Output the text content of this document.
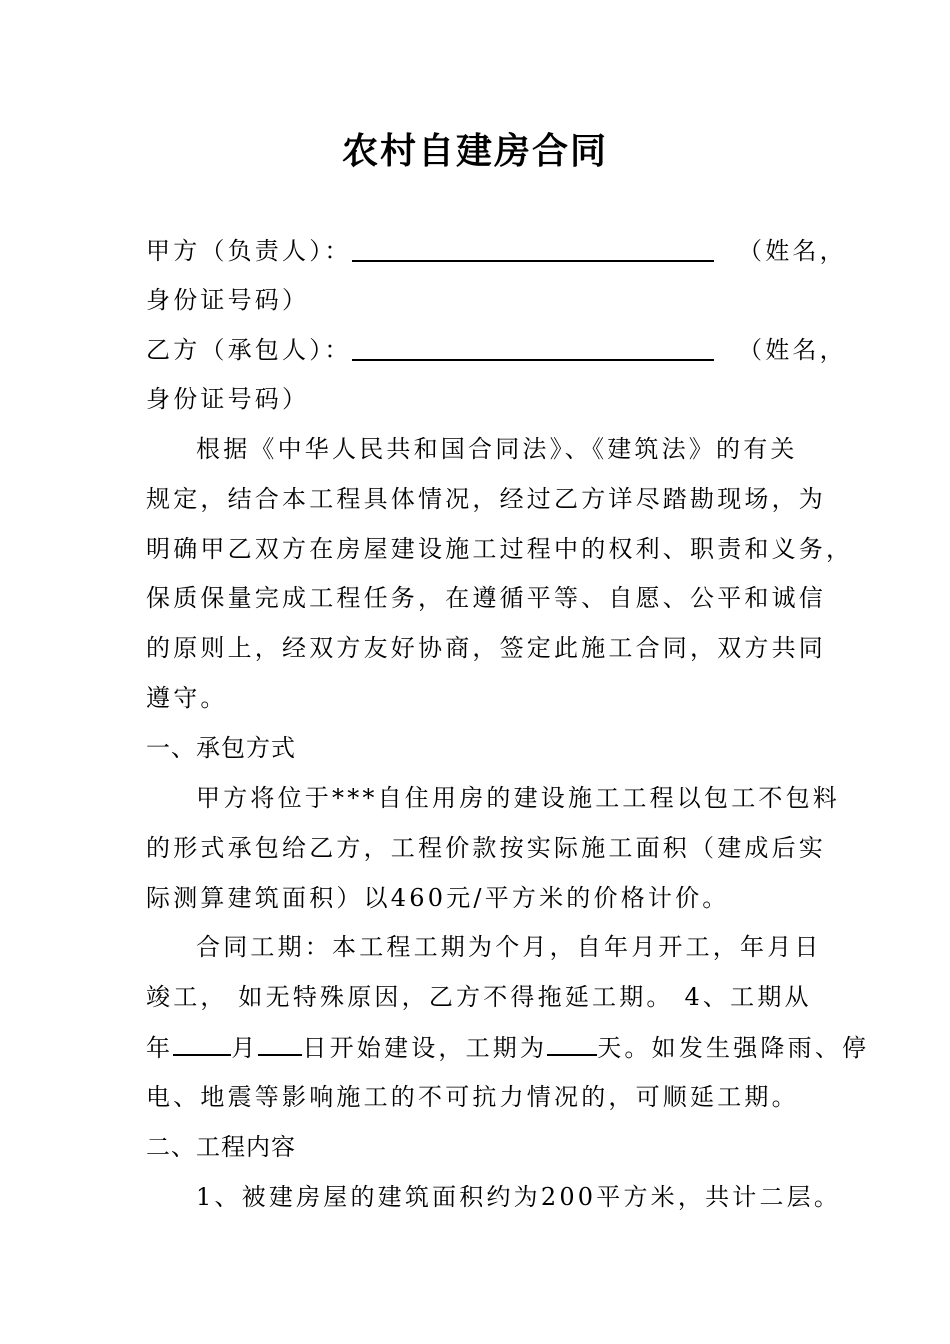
农村自建房合同
甲方（负责人）：	（姓名，
身份证号码）
乙方（承包人）：	（姓名，
身份证号码）
根据《中华人民共和国合同法》、《建筑法》的有关
规定，结合本工程具体情况，经过乙方详尽踏勘现场，为
明确甲乙双方在房屋建设施工过程中的权利、职责和义务，
保质保量完成工程任务，在遵循平等、自愿、公平和诚信
的原则上，经双方友好协商，签定此施工合同，双方共同
遵守。
一、承包方式
甲方将位于***自住用房的建设施工工程以包工不包料
的形式承包给乙方，工程价款按实际施工面积（建成后实
际测算建筑面积）以460元/平方米的价格计价。
合同工期：本工程工期为个月，自年月开工，年月日
竣工， 如无特殊原因，乙方不得拖延工期。 4、工期从
年 月 日开始建设，工期为 天。如发生强降雨、停
电、地震等影响施工的不可抗力情况的，可顺延工期。
二、工程内容
1、被建房屋的建筑面积约为200平方米，共计二层。
